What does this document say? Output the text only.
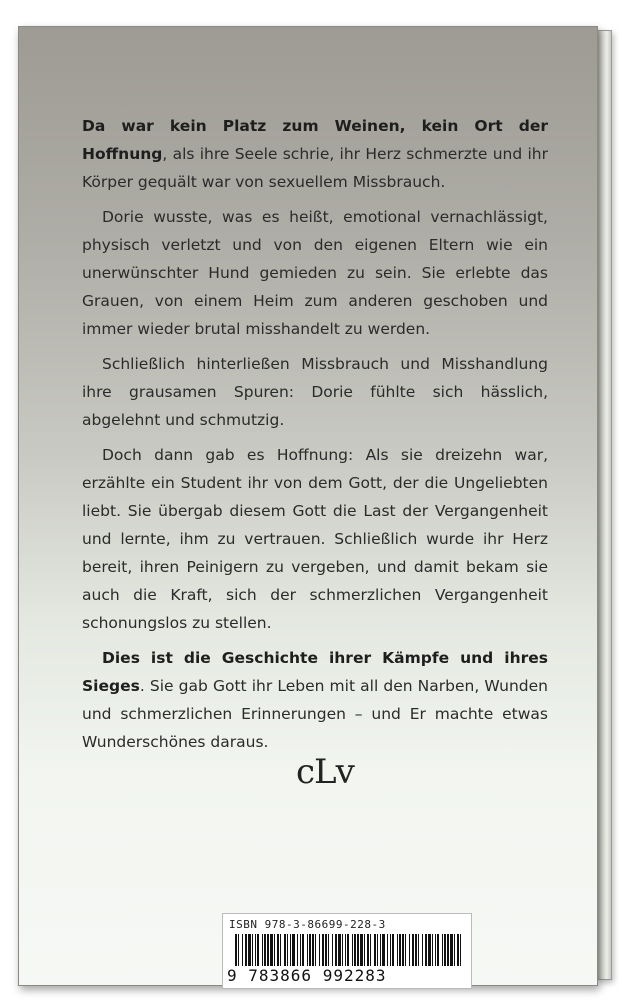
Da war kein Platz zum Weinen, kein Ort der Hoffnung, als ihre Seele schrie, ihr Herz schmerzte und ihr Körper gequält war von sexuellem Missbrauch.

Dorie wusste, was es heißt, emotional vernachlässigt, physisch verletzt und von den eigenen Eltern wie ein unerwünschter Hund gemieden zu sein. Sie erlebte das Grauen, von einem Heim zum anderen geschoben und immer wieder brutal misshandelt zu werden.

Schließlich hinterließen Missbrauch und Misshandlung ihre grausamen Spuren: Dorie fühlte sich hässlich, abgelehnt und schmutzig.

Doch dann gab es Hoffnung: Als sie dreizehn war, erzählte ein Student ihr von dem Gott, der die Ungeliebten liebt. Sie übergab diesem Gott die Last der Vergangenheit und lernte, ihm zu vertrauen. Schließlich wurde ihr Herz bereit, ihren Peinigern zu vergeben, und damit bekam sie auch die Kraft, sich der schmerzlichen Vergangenheit schonungslos zu stellen.

Dies ist die Geschichte ihrer Kämpfe und ihres Sieges. Sie gab Gott ihr Leben mit all den Narben, Wunden und schmerzlichen Erinnerungen – und Er machte etwas Wunderschönes daraus.

cLv
ISBN 978-3-86699-228-3
9 783866 992283
